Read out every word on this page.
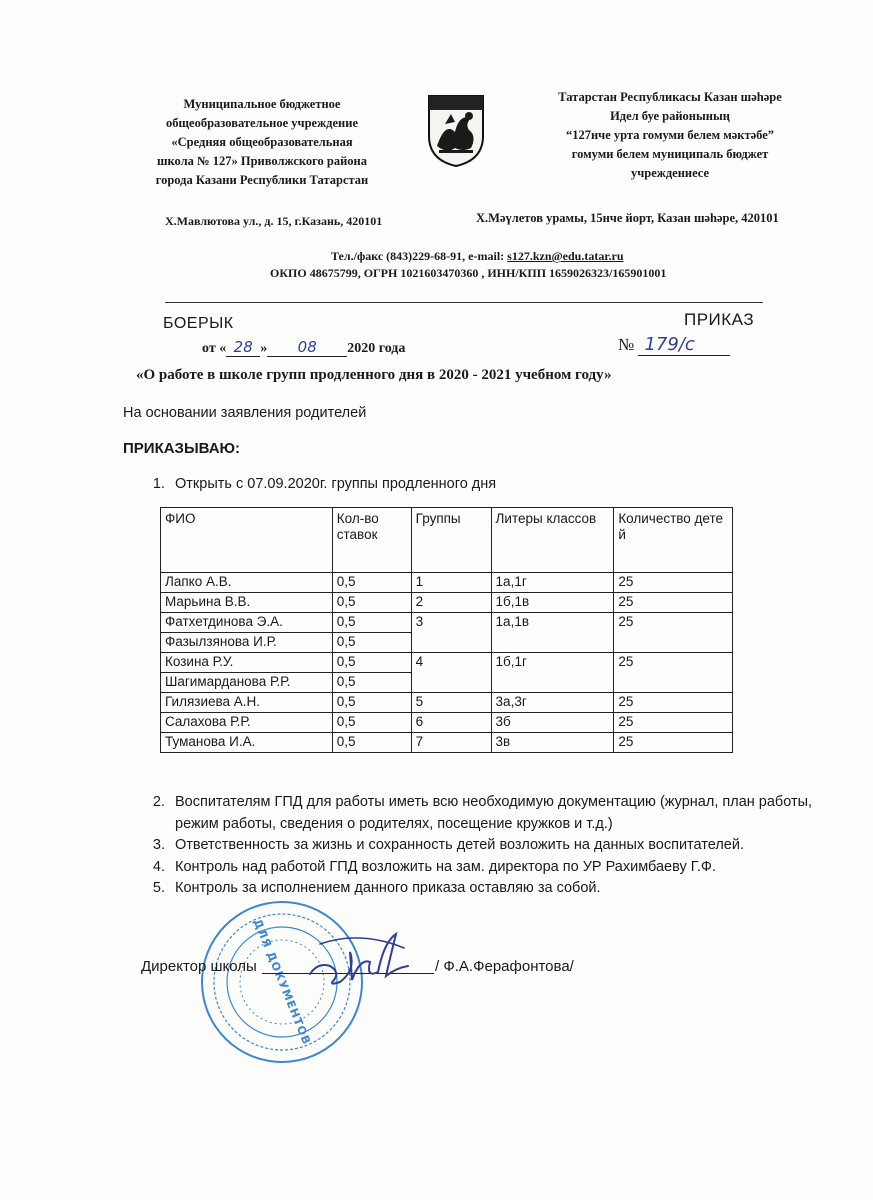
Муниципальное бюджетное
общеобразовательное учреждение
«Средняя общеобразовательная
школа № 127» Приволжского района
города Казани Республики Татарстан
Татарстан Республикасы Казан шәһәре
Идел буе районының
“127нче урта гомуми белем мәктәбе”
гомуми белем муниципаль бюджет
учреждениесе
Х.Мавлютова ул., д. 15, г.Казань, 420101	Х.Мәүлетов урамы, 15нче йорт, Казан шәһәре, 420101
Тел./факс (843)229-68-91, e-mail: s127.kzn@edu.tatar.ru
ОКПО 48675799, ОГРН 1021603470360 , ИНН/КПП 1659026323/165901001
БОЕРЫК	ПРИКАЗ
от « 28 » 08 2020 года	№ 179/с
«О работе в школе групп продленного дня в 2020 - 2021 учебном году»
На основании заявления родителей
ПРИКАЗЫВАЮ:
1. Открыть с 07.09.2020г. группы продленного дня
ФИО	Кол-во ставок	Группы	Литеры классов	Количество детей
Лапко А.В.	0,5	1	1а,1г	25
Марьина В.В.	0,5	2	1б,1в	25
Фатхетдинова Э.А.	0,5	3	1а,1в	25
Фазылзянова И.Р.	0,5			
Козина Р.У.	0,5	4	1б,1г	25
Шагимарданова Р.Р.	0,5			
Гилязиева А.Н.	0,5	5	3а,3г	25
Салахова Р.Р.	0,5	6	3б	25
Туманова И.А.	0,5	7	3в	25
2. Воспитателям ГПД для работы иметь всю необходимую документацию (журнал, план работы, режим работы, сведения о родителях, посещение кружков и т.д.)
3. Ответственность за жизнь и сохранность детей возложить на данных воспитателей.
4. Контроль над работой ГПД возложить на зам. директора по УР Рахимбаеву Г.Ф.
5. Контроль за исполнением данного приказа оставляю за собой.
ДЛЯ ДОКУМЕНТОВ
Директор школы	/ Ф.А.Ферафонтова/
